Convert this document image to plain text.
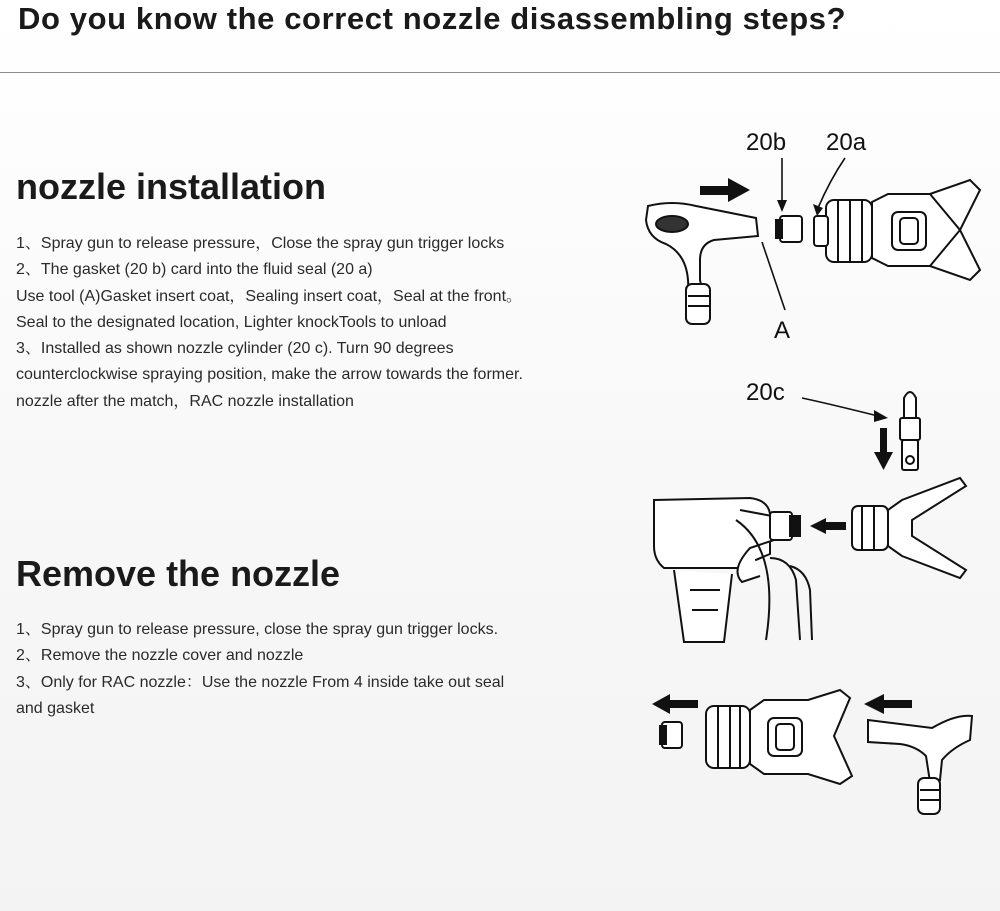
Do you know the correct nozzle disassembling steps?
nozzle installation
1、Spray gun to release pressure，Close the spray gun trigger locks
2、The gasket (20 b) card into the fluid seal (20 a)
Use tool (A)Gasket insert coat，Sealing insert coat，Seal at the front。
Seal to the designated location, Lighter knockTools to unload
3、Installed as shown nozzle cylinder (20 c). Turn 90 degrees
counterclockwise spraying position, make the arrow towards the former.
nozzle after the match，RAC nozzle installation
Remove the nozzle
1、Spray gun to release pressure, close the spray gun trigger locks.
2、Remove the nozzle cover and nozzle
3、Only for RAC nozzle：Use the nozzle From 4 inside take out seal
and gasket
20b 20a
A
20c
